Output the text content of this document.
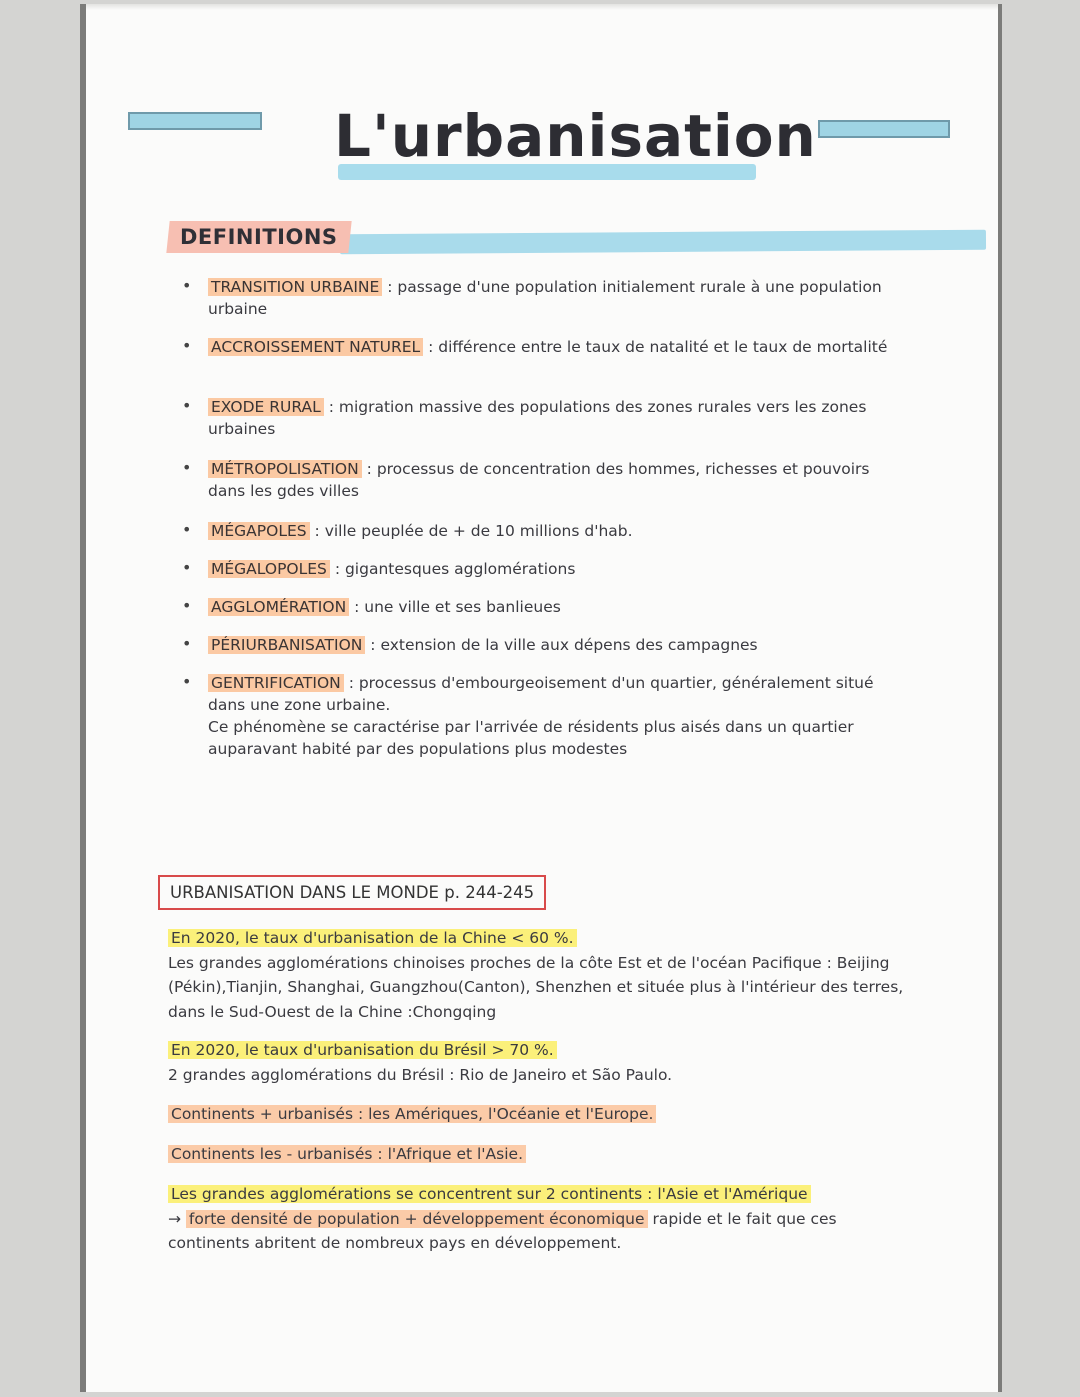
L'urbanisation
DEFINITIONS
• TRANSITION URBAINE : passage d'une population initialement rurale à une population urbaine
• ACCROISSEMENT NATUREL : différence entre le taux de natalité et le taux de mortalité
• EXODE RURAL : migration massive des populations des zones rurales vers les zones urbaines
• MÉTROPOLISATION : processus de concentration des hommes, richesses et pouvoirs dans les gdes villes
• MÉGAPOLES : ville peuplée de + de 10 millions d'hab.
• MÉGALOPOLES : gigantesques agglomérations
• AGGLOMÉRATION : une ville et ses banlieues
• PÉRIURBANISATION : extension de la ville aux dépens des campagnes
• GENTRIFICATION : processus d'embourgeoisement d'un quartier, généralement situé dans une zone urbaine.
Ce phénomène se caractérise par l'arrivée de résidents plus aisés dans un quartier auparavant habité par des populations plus modestes
URBANISATION DANS LE MONDE p. 244-245
En 2020, le taux d'urbanisation de la Chine < 60 %.
Les grandes agglomérations chinoises proches de la côte Est et de l'océan Pacifique : Beijing (Pékin),Tianjin, Shanghai, Guangzhou(Canton), Shenzhen et située plus à l'intérieur des terres, dans le Sud-Ouest de la Chine :Chongqing
En 2020, le taux d'urbanisation du Brésil > 70 %.
2 grandes agglomérations du Brésil : Rio de Janeiro et São Paulo.
Continents + urbanisés : les Amériques, l'Océanie et l'Europe.
Continents les - urbanisés : l'Afrique et l'Asie.
Les grandes agglomérations se concentrent sur 2 continents : l'Asie et l'Amérique
→ forte densité de population + développement économique rapide et le fait que ces continents abritent de nombreux pays en développement.
